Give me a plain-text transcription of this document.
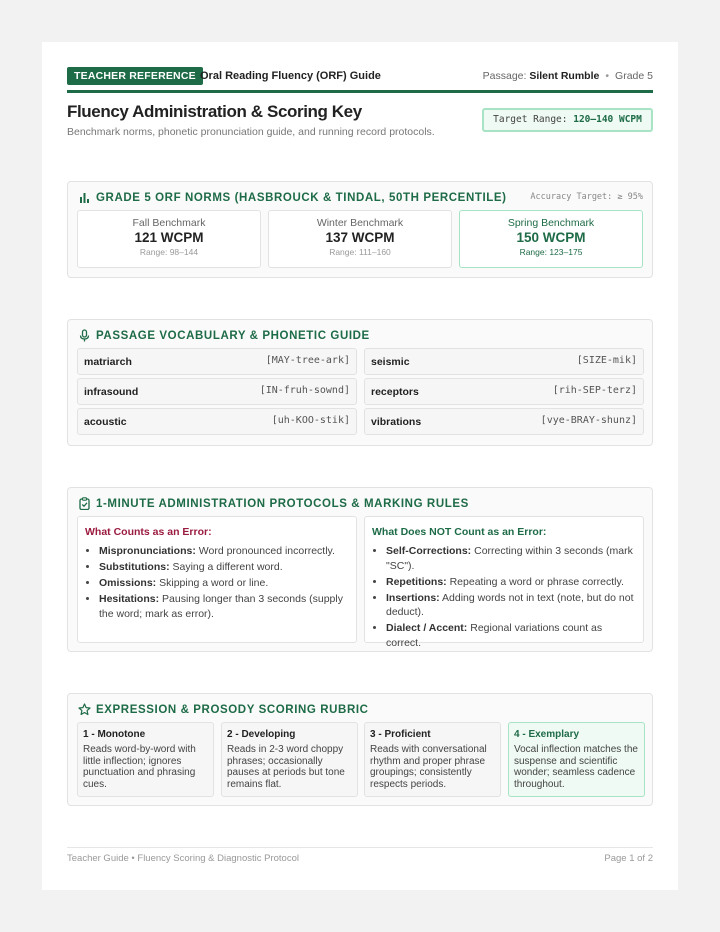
TEACHER REFERENCE Oral Reading Fluency (ORF) Guide	Passage: Silent Rumble • Grade 5
Fluency Administration & Scoring Key
Benchmark norms, phonetic pronunciation guide, and running record protocols.
Target Range: 120–140 WCPM
GRADE 5 ORF NORMS (HASBROUCK & TINDAL, 50TH PERCENTILE)	Accuracy Target: ≥ 95%
Fall Benchmark
121 WCPM
Range: 98–144
Winter Benchmark
137 WCPM
Range: 111–160
Spring Benchmark
150 WCPM
Range: 123–175
PASSAGE VOCABULARY & PHONETIC GUIDE
matriarch	[MAY-tree-ark] seismic	[SIZE-mik]
infrasound	[IN-fruh-sownd] receptors	[rih-SEP-terz]
acoustic	[uh-KOO-stik] vibrations	[vye-BRAY-shunz]
1-MINUTE ADMINISTRATION PROTOCOLS & MARKING RULES
What Counts as an Error:
• Mispronunciations: Word pronounced incorrectly.
• Substitutions: Saying a different word.
• Omissions: Skipping a word or line.
• Hesitations: Pausing longer than 3 seconds (supply the word; mark as error).
What Does NOT Count as an Error:
• Self-Corrections: Correcting within 3 seconds (mark "SC").
• Repetitions: Repeating a word or phrase correctly.
• Insertions: Adding words not in text (note, but do not deduct).
• Dialect / Accent: Regional variations count as correct.
EXPRESSION & PROSODY SCORING RUBRIC
1 - Monotone

Reads word-by-word with little inflection; ignores punctuation and phrasing cues.

2 - Developing

Reads in 2-3 word choppy phrases; occasionally pauses at periods but tone remains flat.

3 - Proficient

Reads with conversational rhythm and proper phrase groupings; consistently respects periods.

4 - Exemplary

Vocal inflection matches the suspense and scientific wonder; seamless cadence throughout.

Teacher Guide • Fluency Scoring & Diagnostic Protocol	Page 1 of 2
